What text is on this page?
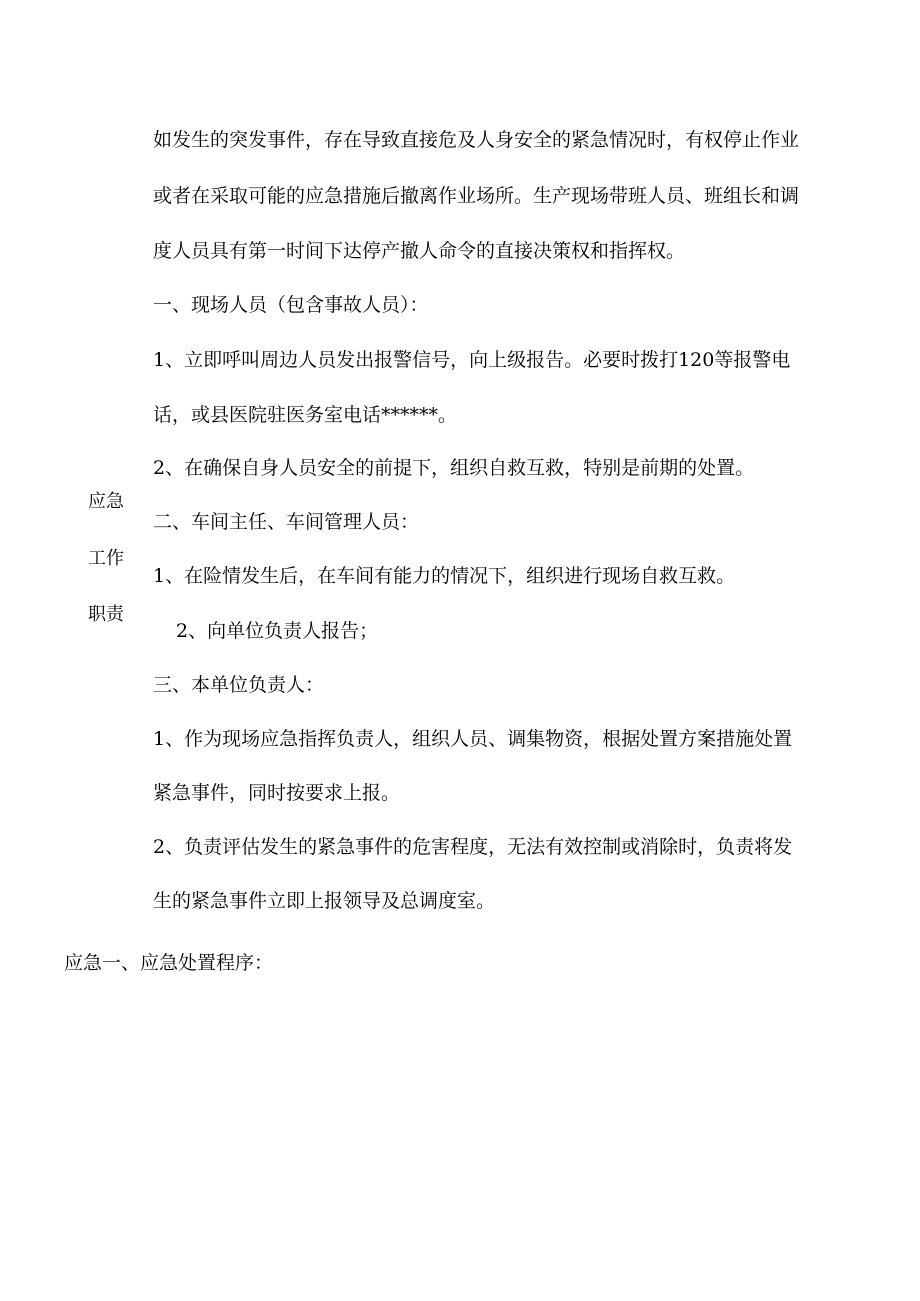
如发生的突发事件，存在导致直接危及人身安全的紧急情况时，有权停止作业
或者在采取可能的应急措施后撤离作业场所。生产现场带班人员、班组长和调
度人员具有第一时间下达停产撤人命令的直接决策权和指挥权。
一、现场人员（包含事故人员）：
1、立即呼叫周边人员发出报警信号，向上级报告。必要时拨打120等报警电
话，或县医院驻医务室电话******。
2、在确保自身人员安全的前提下，组织自救互救，特别是前期的处置。
应急
工作
职责
二、车间主任、车间管理人员：
1、在险情发生后，在车间有能力的情况下，组织进行现场自救互救。
2、向单位负责人报告；
三、本单位负责人：
1、作为现场应急指挥负责人，组织人员、调集物资，根据处置方案措施处置
紧急事件，同时按要求上报。
2、负责评估发生的紧急事件的危害程度，无法有效控制或消除时，负责将发
生的紧急事件立即上报领导及总调度室。
应急一、应急处置程序：
